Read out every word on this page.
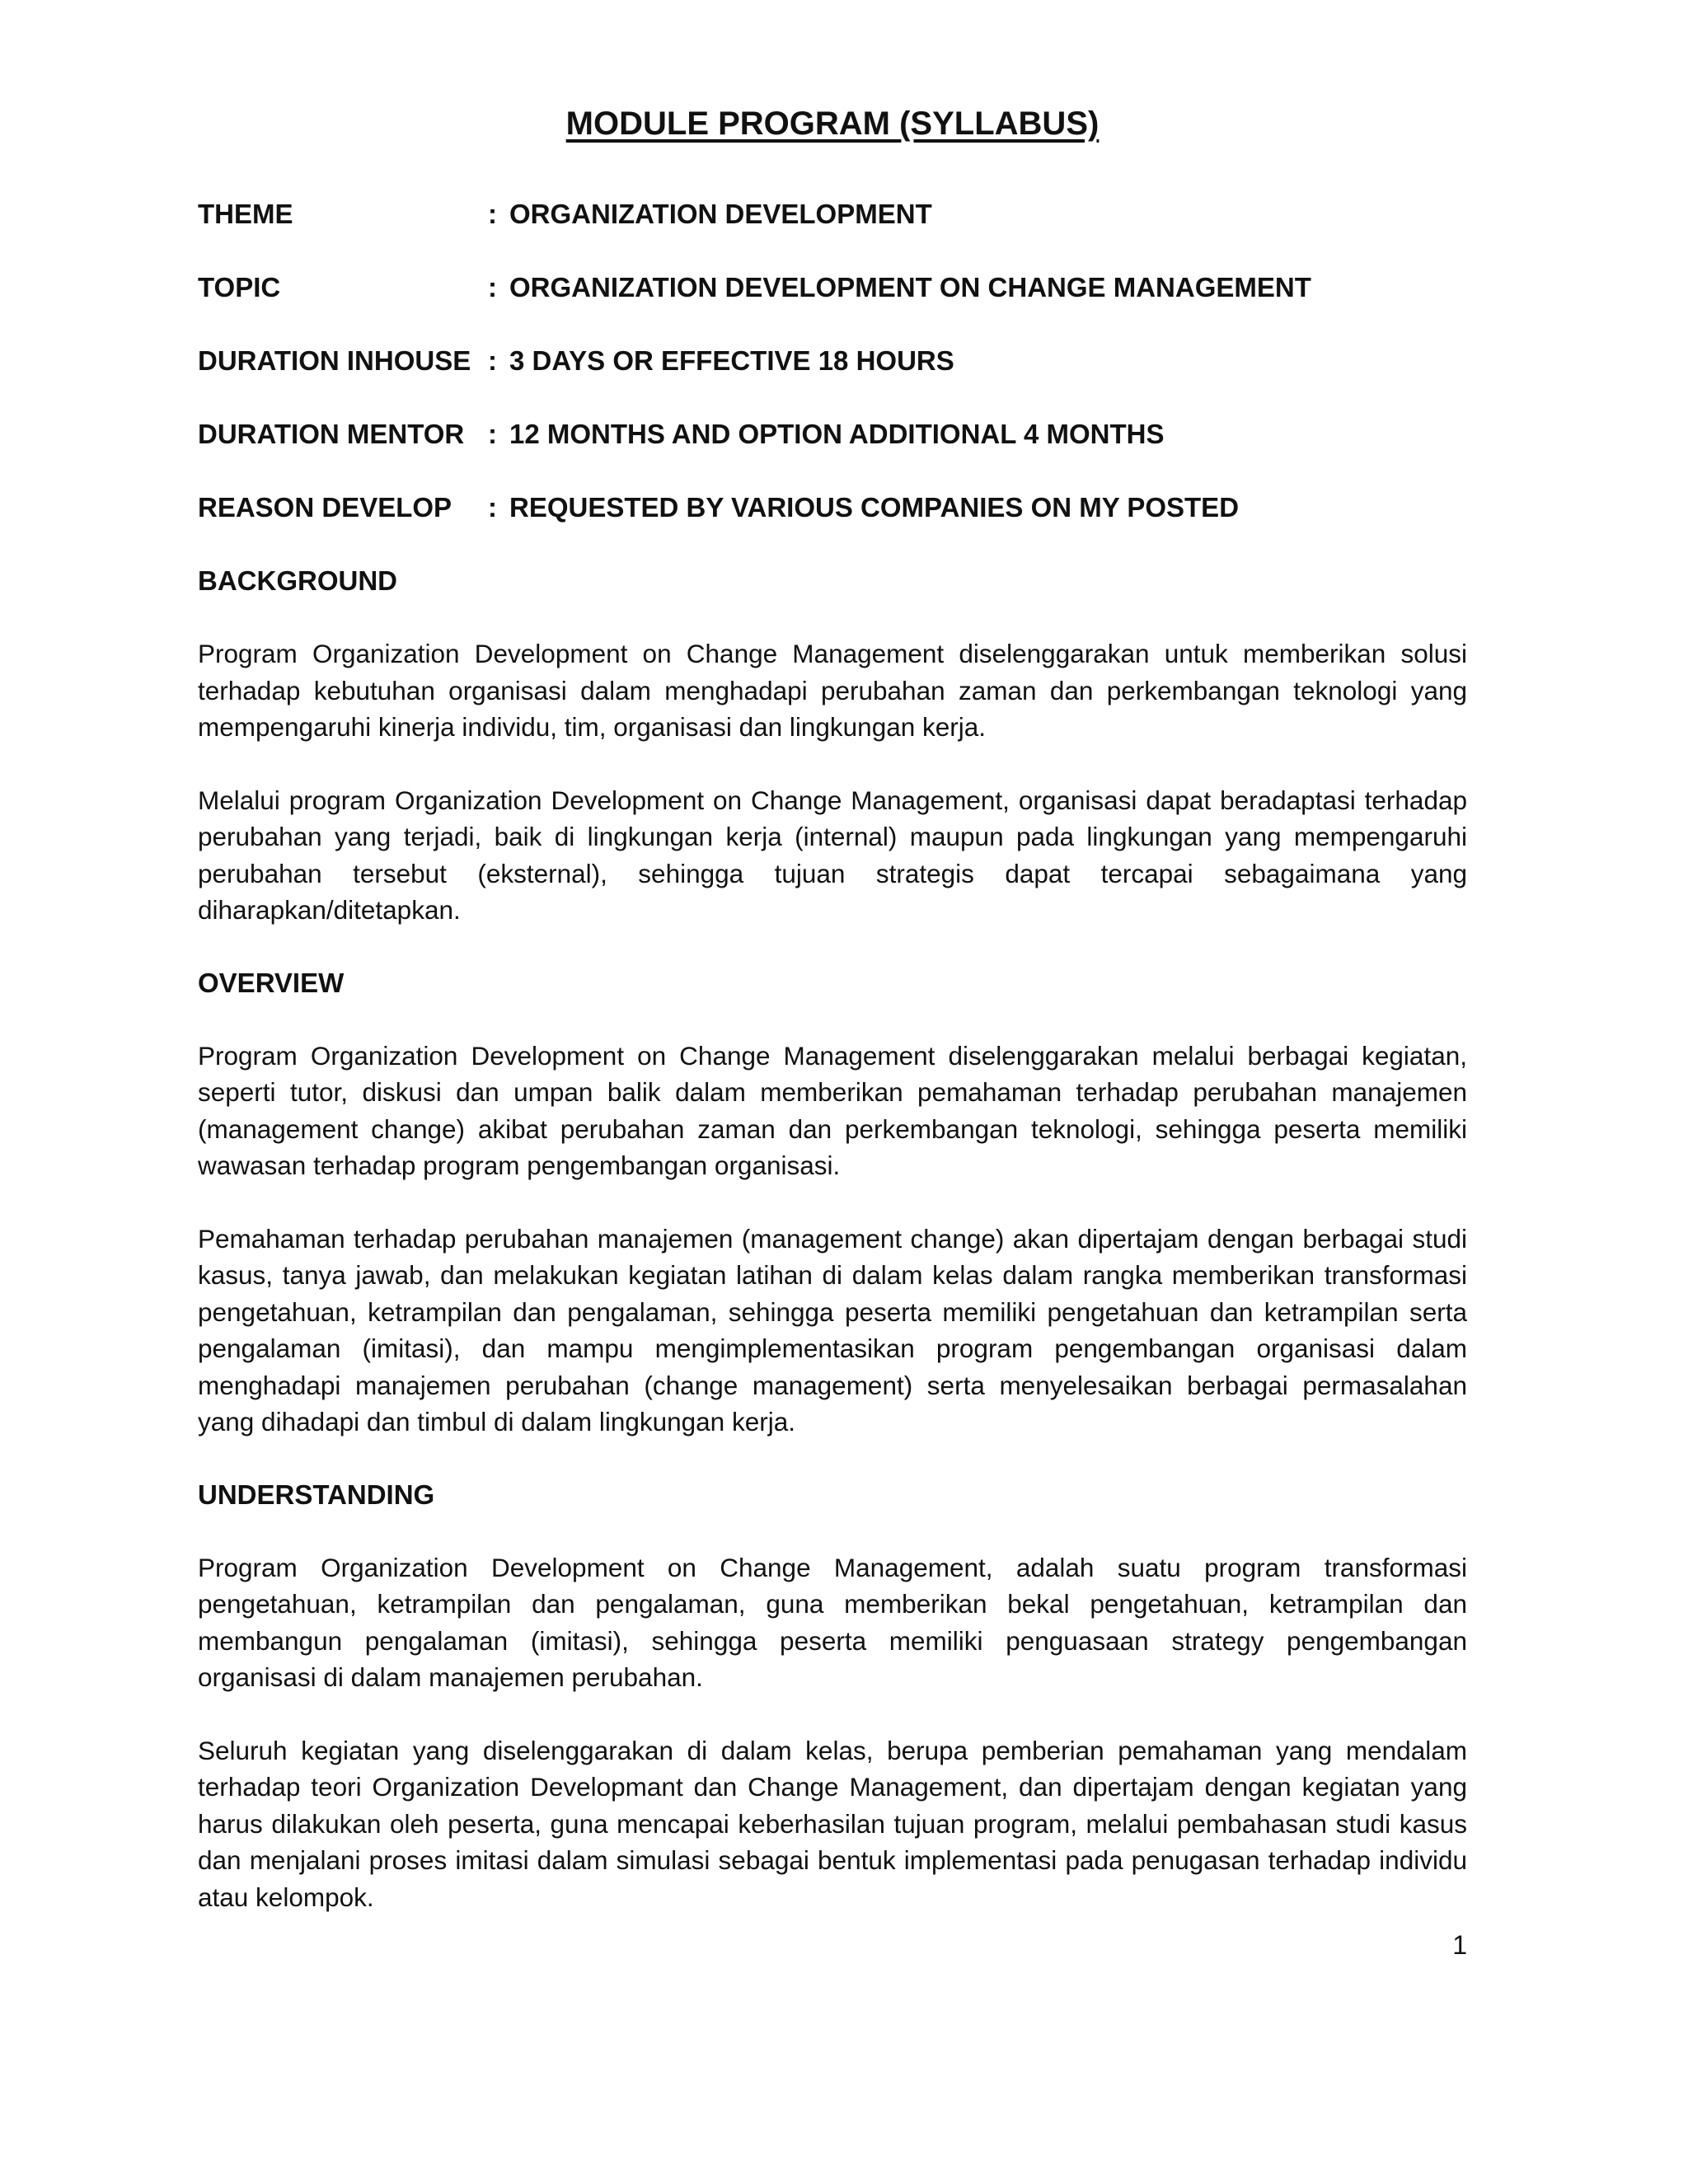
MODULE PROGRAM (SYLLABUS)
THEME	: ORGANIZATION DEVELOPMENT
TOPIC	: ORGANIZATION DEVELOPMENT ON CHANGE MANAGEMENT
DURATION INHOUSE : 3 DAYS OR EFFECTIVE 18 HOURS
DURATION MENTOR : 12 MONTHS AND OPTION ADDITIONAL 4 MONTHS
REASON DEVELOP	: REQUESTED BY VARIOUS COMPANIES ON MY POSTED
BACKGROUND

Program Organization Development on Change Management diselenggarakan untuk memberikan solusi terhadap kebutuhan organisasi dalam menghadapi perubahan zaman dan perkembangan teknologi yang mempengaruhi kinerja individu, tim, organisasi dan lingkungan kerja.

Melalui program Organization Development on Change Management, organisasi dapat beradaptasi terhadap perubahan yang terjadi, baik di lingkungan kerja (internal) maupun pada lingkungan yang mempengaruhi perubahan tersebut (eksternal), sehingga tujuan strategis dapat tercapai sebagaimana yang diharapkan/ditetapkan.

OVERVIEW

Program Organization Development on Change Management diselenggarakan melalui berbagai kegiatan, seperti tutor, diskusi dan umpan balik dalam memberikan pemahaman terhadap perubahan manajemen (management change) akibat perubahan zaman dan perkembangan teknologi, sehingga peserta memiliki wawasan terhadap program pengembangan organisasi.

Pemahaman terhadap perubahan manajemen (management change) akan dipertajam dengan berbagai studi kasus, tanya jawab, dan melakukan kegiatan latihan di dalam kelas dalam rangka memberikan transformasi pengetahuan, ketrampilan dan pengalaman, sehingga peserta memiliki pengetahuan dan ketrampilan serta pengalaman (imitasi), dan mampu mengimplementasikan program pengembangan organisasi dalam menghadapi manajemen perubahan (change management) serta menyelesaikan berbagai permasalahan yang dihadapi dan timbul di dalam lingkungan kerja.

UNDERSTANDING

Program Organization Development on Change Management, adalah suatu program transformasi pengetahuan, ketrampilan dan pengalaman, guna memberikan bekal pengetahuan, ketrampilan dan membangun pengalaman (imitasi), sehingga peserta memiliki penguasaan strategy pengembangan organisasi di dalam manajemen perubahan.

Seluruh kegiatan yang diselenggarakan di dalam kelas, berupa pemberian pemahaman yang mendalam terhadap teori Organization Developmant dan Change Management, dan dipertajam dengan kegiatan yang harus dilakukan oleh peserta, guna mencapai keberhasilan tujuan program, melalui pembahasan studi kasus dan menjalani proses imitasi dalam simulasi sebagai bentuk implementasi pada penugasan terhadap individu atau kelompok.

1
